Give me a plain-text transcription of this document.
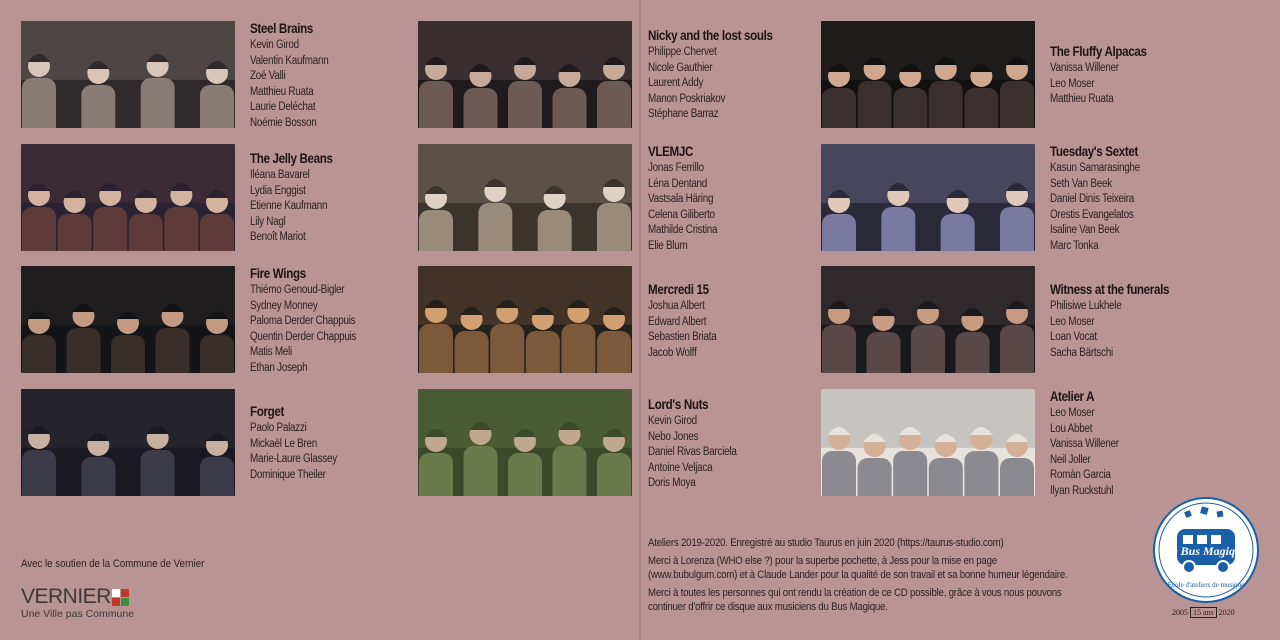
Steel Brains
Kevin Girod
Valentin Kaufmann
Zoé Valli
Matthieu Ruata
Laurie Deléchat
Noémie Bosson
Nicky and the lost souls
Philippe Chervet
Nicole Gauthier
Laurent Addy
Manon Poskriakov
Stéphane Barraz
The Jelly Beans
Iléana Bavarel
Lydia Enggist
Etienne Kaufmann
Lily Nagl
Benoît Mariot
VLEMJC
Jonas Ferrillo
Léna Dentand
Vastsala Häring
Celena Giliberto
Mathilde Cristina
Elie Blum
Fire Wings
Thiémo Genoud-Bigler
Sydney Monney
Paloma Derder Chappuis
Quentin Derder Chappuis
Matis Meli
Ethan Joseph
Mercredi 15
Joshua Albert
Edward Albert
Sebastien Briata
Jacob Wolff
Forget
Paolo Palazzi
Mickaël Le Bren
Marie-Laure Glassey
Dominique Theiler
Lord's Nuts
Kevin Girod
Nebo Jones
Daniel Rivas Barciela
Antoine Veljaca
Doris Moya
The Fluffy Alpacas
Vanissa Willener
Leo Moser
Matthieu Ruata
Tuesday's Sextet
Kasun Samarasinghe
Seth Van Beek
Daniel Dinis Teixeira
Orestis Evangelatos
Isaline Van Beek
Marc Tonka
Witness at the funerals
Philisiwe Lukhele
Leo Moser
Loan Vocat
Sacha Bärtschi
Atelier A
Leo Moser
Lou Abbet
Vanissa Willener
Neil Joller
Romàn Garcia
Ilyan Ruckstuhl
Avec le soutien de la Commune de Vernier
VERNIER
Une Ville pas Commune

Ateliers 2019-2020. Enregistré au studio Taurus en juin 2020 (https://taurus-studio.com)

Merci à Lorenza (WHO else ?) pour la superbe pochette, à Jess pour la mise en page (www.bubulgum.com) et à Claude Lander pour la qualité de son travail et sa bonne humeur légendaire.

Merci à toutes les personnes qui ont rendu la création de ce CD possible, grâce à vous nous pouvons continuer d'offrir ce disque aux musiciens du Bus Magique.

Le Bus Magique
École d'ateliers de musique
2005 15 ans 2020
